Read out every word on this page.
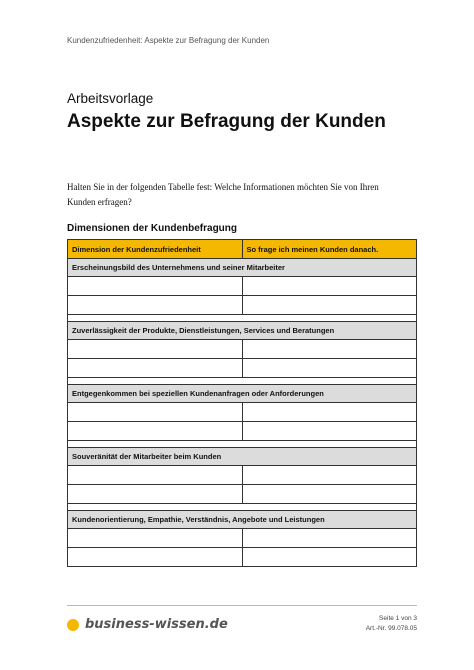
Kundenzufriedenheit: Aspekte zur Befragung der Kunden
Arbeitsvorlage
Aspekte zur Befragung der Kunden
Halten Sie in der folgenden Tabelle fest: Welche Informationen möchten Sie von Ihren Kunden erfragen?
Dimensionen der Kundenbefragung
Dimension der Kundenzufriedenheit	So frage ich meinen Kunden danach.
Erscheinungsbild des Unternehmens und seiner Mitarbeiter	

Zuverlässigkeit der Produkte, Dienstleistungen, Services und Beratungen	

Entgegenkommen bei speziellen Kundenanfragen oder Anforderungen	

Souveränität der Mitarbeiter beim Kunden	

Kundenorientierung, Empathie, Verständnis, Angebote und Leistungen	

business-wissen.de	Seite 1 von 3
Art.-Nr. 99.078.05
